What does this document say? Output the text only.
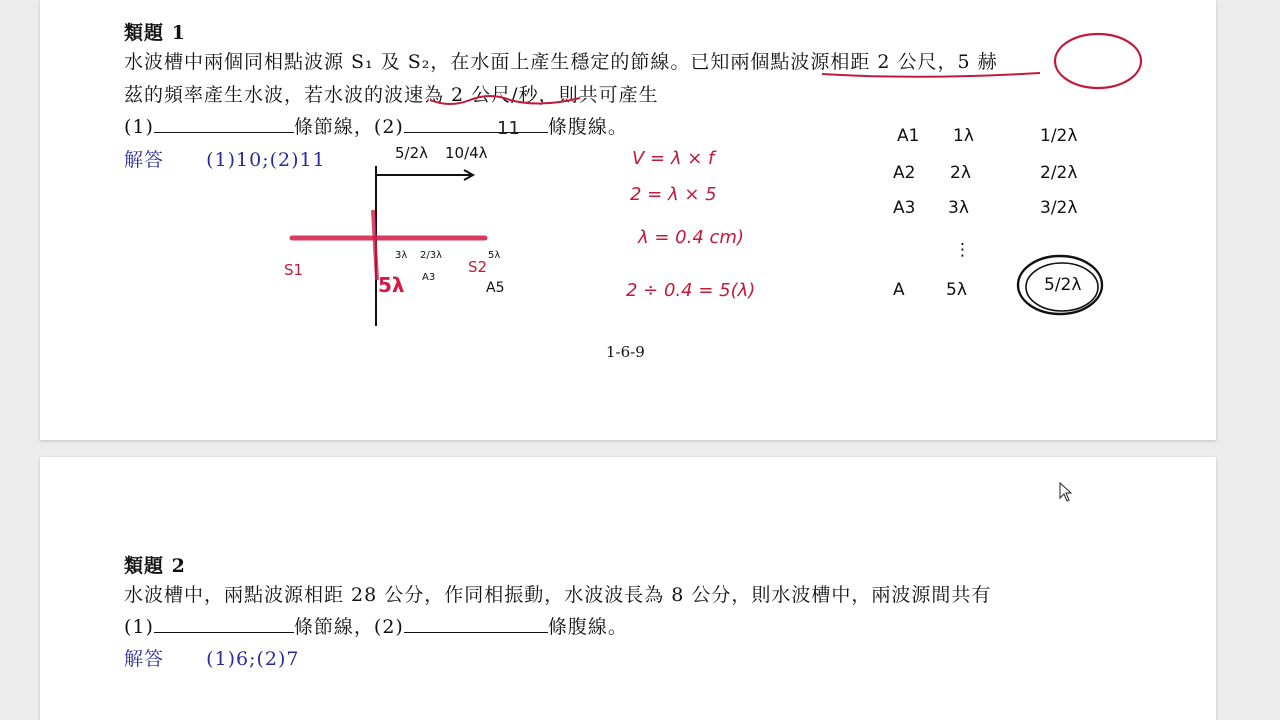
類題 1
水波槽中兩個同相點波源 S₁ 及 S₂，在水面上產生穩定的節線。已知兩個點波源相距 2 公尺，5 赫
茲的頻率產生水波，若水波的波速為 2 公尺/秒，則共可產生
(1)	條節線，(2)	條腹線。
解答 (1)10;(2)11
11
5/2λ 10/4λ
S1	S2
5λ
3λ 2/3λ
A3
5λ
A5
V = λ × f
2 = λ × 5
λ = 0.4 cm)
2 ÷ 0.4 = 5(λ)
A1 1λ	1/2λ
A2 2λ	2/2λ
A3 3λ	3/2λ
⋮
A 5λ	5/2λ
1-6-9
類題 2
水波槽中，兩點波源相距 28 公分，作同相振動，水波波長為 8 公分，則水波槽中，兩波源間共有
(1)	條節線，(2)	條腹線。
解答 (1)6;(2)7
